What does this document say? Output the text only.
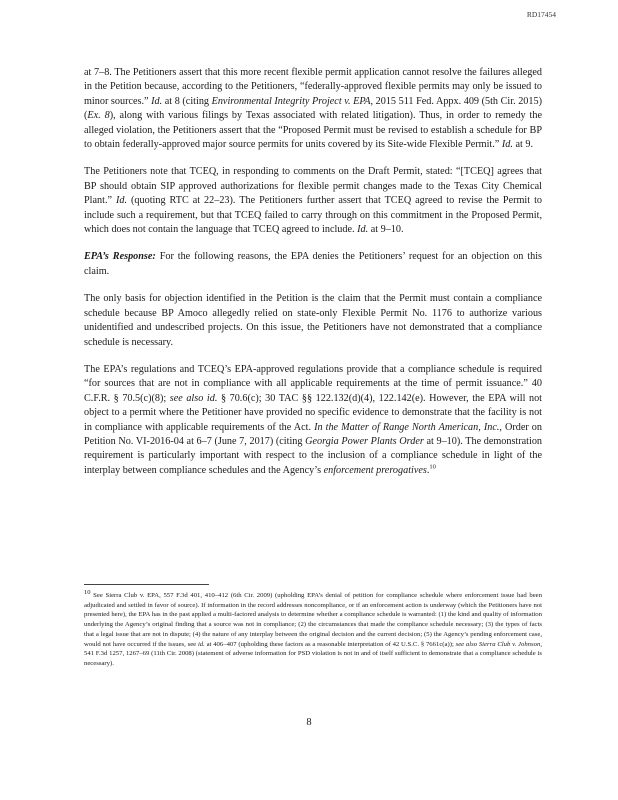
RD17454

at 7–8. The Petitioners assert that this more recent flexible permit application cannot resolve the failures alleged in the Petition because, according to the Petitioners, “federally-approved flexible permits may only be issued to minor sources.” Id. at 8 (citing Environmental Integrity Project v. EPA, 2015 511 Fed. Appx. 409 (5th Cir. 2015) (Ex. 8), along with various filings by Texas associated with related litigation). Thus, in order to remedy the alleged violation, the Petitioners assert that the “Proposed Permit must be revised to establish a schedule for BP to obtain federally-approved major source permits for units covered by its Site-wide Flexible Permit.” Id. at 9.

The Petitioners note that TCEQ, in responding to comments on the Draft Permit, stated: “[TCEQ] agrees that BP should obtain SIP approved authorizations for flexible permit changes made to the Texas City Chemical Plant.” Id. (quoting RTC at 22–23). The Petitioners further assert that TCEQ agreed to revise the Permit to include such a requirement, but that TCEQ failed to carry through on this commitment in the Proposed Permit, which does not contain the language that TCEQ agreed to include. Id. at 9–10.

EPA’s Response: For the following reasons, the EPA denies the Petitioners’ request for an objection on this claim.

The only basis for objection identified in the Petition is the claim that the Permit must contain a compliance schedule because BP Amoco allegedly relied on state-only Flexible Permit No. 1176 to authorize various unidentified and undescribed projects. On this issue, the Petitioners have not demonstrated that a compliance schedule is necessary.

The EPA’s regulations and TCEQ’s EPA-approved regulations provide that a compliance schedule is required “for sources that are not in compliance with all applicable requirements at the time of permit issuance.” 40 C.F.R. § 70.5(c)(8); see also id. § 70.6(c); 30 TAC §§ 122.132(d)(4), 122.142(e). However, the EPA will not object to a permit where the Petitioner have provided no specific evidence to demonstrate that the facility is not in compliance with applicable requirements of the Act. In the Matter of Range North American, Inc., Order on Petition No. VI-2016-04 at 6–7 (June 7, 2017) (citing Georgia Power Plants Order at 9–10). The demonstration requirement is particularly important with respect to the inclusion of a compliance schedule in light of the interplay between compliance schedules and the Agency’s enforcement prerogatives.$^{10}$

$^{10}$ See Sierra Club v. EPA, 557 F.3d 401, 410–412 (6th Cir. 2009) (upholding EPA’s denial of petition for compliance schedule where enforcement issue had been adjudicated and settled in favor of source). If information in the record addresses noncompliance, or if an enforcement action is underway (which the Petitioners have not presented here), the EPA has in the past applied a multi-factored analysis to determine whether a compliance schedule is warranted: (1) the kind and quality of information underlying the Agency’s original finding that a source was not in compliance; (2) the circumstances that made the compliance schedule necessary; (3) the types of facts that a legal issue that are not in dispute; (4) the nature of any interplay between the original decision and the current decision; (5) the Agency’s pending enforcement case, would not have occurred if the issues, see id. at 406–407 (upholding these factors as a reasonable interpretation of 42 U.S.C. § 7661c(a)); see also Sierra Club v. Johnson, 541 F.3d 1257, 1267–69 (11th Cir. 2008) (statement of adverse information for PSD violation is not in and of itself sufficient to demonstrate that a compliance schedule is necessary).

8
